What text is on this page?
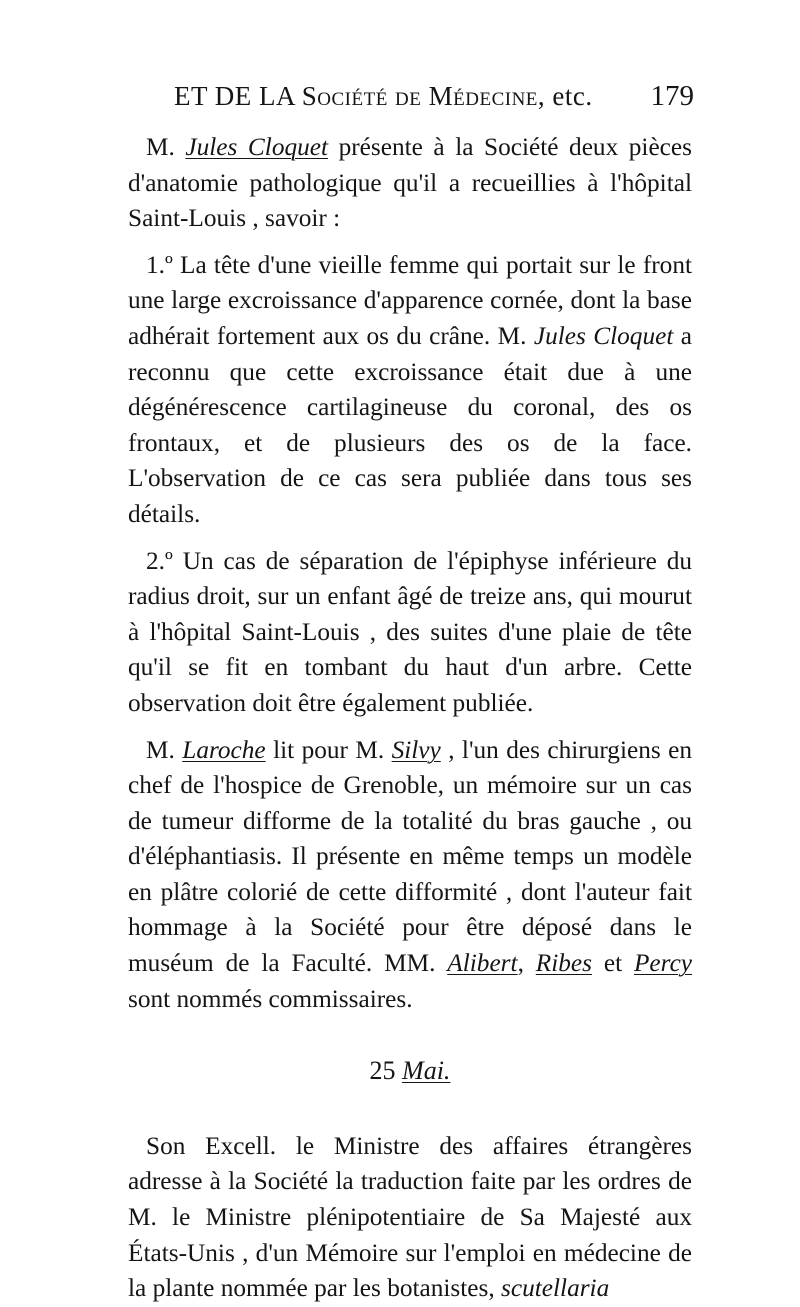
ET DE LA Société de Médecine, etc. 179

M. Jules Cloquet présente à la Société deux pièces d'anatomie pathologique qu'il a recueillies à l'hôpital Saint-Louis , savoir :

1.º La tête d'une vieille femme qui portait sur le front une large excroissance d'apparence cornée, dont la base adhérait fortement aux os du crâne. M. Jules Cloquet a reconnu que cette excroissance était due à une dégénérescence cartilagineuse du coronal, des os frontaux, et de plusieurs des os de la face. L'observation de ce cas sera publiée dans tous ses détails.

2.º Un cas de séparation de l'épiphyse inférieure du radius droit, sur un enfant âgé de treize ans, qui mourut à l'hôpital Saint-Louis , des suites d'une plaie de tête qu'il se fit en tombant du haut d'un arbre. Cette observation doit être également publiée.

M. Laroche lit pour M. Silvy , l'un des chirurgiens en chef de l'hospice de Grenoble, un mémoire sur un cas de tumeur difforme de la totalité du bras gauche , ou d'éléphantiasis. Il présente en même temps un modèle en plâtre colorié de cette difformité , dont l'auteur fait hommage à la Société pour être déposé dans le muséum de la Faculté. MM. Alibert, Ribes et Percy sont nommés commissaires.

25 Mai.

Son Excell. le Ministre des affaires étrangères adresse à la Société la traduction faite par les ordres de M. le Ministre plénipotentiaire de Sa Majesté aux États-Unis , d'un Mémoire sur l'emploi en médecine de la plante nommée par les botanistes, scutellaria
